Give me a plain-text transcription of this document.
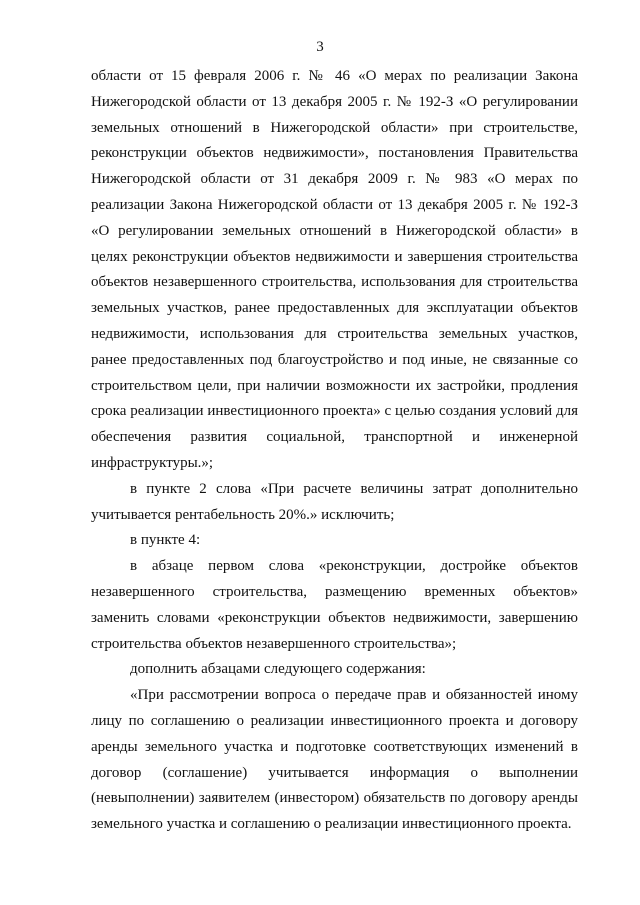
3

области от 15 февраля 2006 г. № 46 «О мерах по реализации Закона Нижегородской области от 13 декабря 2005 г. № 192-З «О регулировании земельных отношений в Нижегородской области» при строительстве, реконструкции объектов недвижимости», постановления Правительства Нижегородской области от 31 декабря 2009 г. № 983 «О мерах по реализации Закона Нижегородской области от 13 декабря 2005 г. № 192-З «О регулировании земельных отношений в Нижегородской области» в целях реконструкции объектов недвижимости и завершения строительства объектов незавершенного строительства, использования для строительства земельных участков, ранее предоставленных для эксплуатации объектов недвижимости, использования для строительства земельных участков, ранее предоставленных под благоустройство и под иные, не связанные со строительством цели, при наличии возможности их застройки, продления срока реализации инвестиционного проекта» с целью создания условий для обеспечения развития социальной, транспортной и инженерной инфраструктуры.»;

в пункте 2 слова «При расчете величины затрат дополнительно учитывается рентабельность 20%.» исключить;

в пункте 4:

в абзаце первом слова «реконструкции, достройке объектов незавершенного строительства, размещению временных объектов» заменить словами «реконструкции объектов недвижимости, завершению строительства объектов незавершенного строительства»;

дополнить абзацами следующего содержания:

«При рассмотрении вопроса о передаче прав и обязанностей иному лицу по соглашению о реализации инвестиционного проекта и договору аренды земельного участка и подготовке соответствующих изменений в договор (соглашение) учитывается информация о выполнении (невыполнении) заявителем (инвестором) обязательств по договору аренды земельного участка и соглашению о реализации инвестиционного проекта.
